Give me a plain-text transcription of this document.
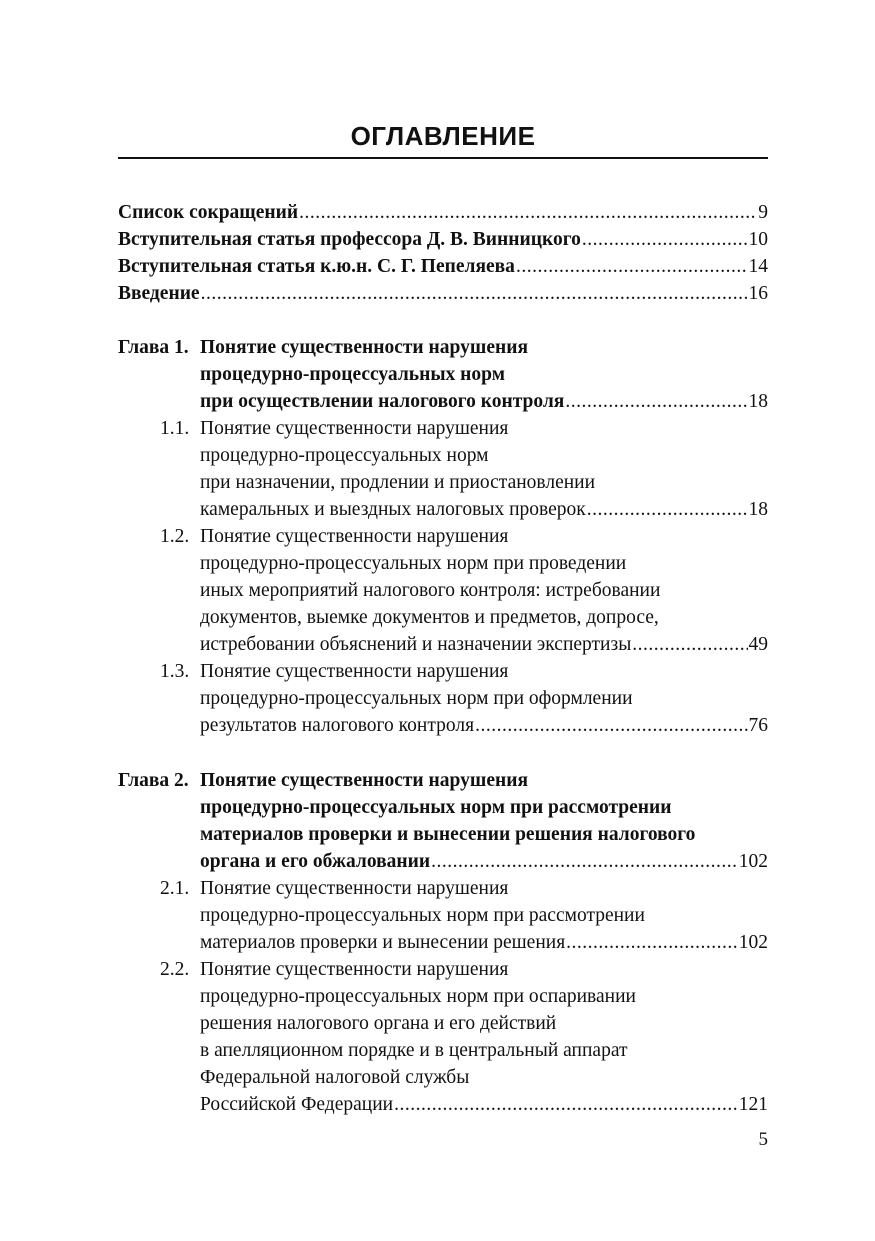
ОГЛАВЛЕНИЕ
Список сокращений .....	9
Вступительная статья профессора Д. В. Винницкого .....	10
Вступительная статья к.ю.н. С. Г. Пепеляева .....	14
Введение .....	16
Глава 1. Понятие существенности нарушения
процедурно-процессуальных норм
при осуществлении налогового контроля .....	18
1.1. Понятие существенности нарушения
процедурно-процессуальных норм
при назначении, продлении и приостановлении
камеральных и выездных налоговых проверок .....	18
1.2. Понятие существенности нарушения
процедурно-процессуальных норм при проведении
иных мероприятий налогового контроля: истребовании
документов, выемке документов и предметов, допросе,
истребовании объяснений и назначении экспертизы .....	49
1.3. Понятие существенности нарушения
процедурно-процессуальных норм при оформлении
результатов налогового контроля .....	76
Глава 2. Понятие существенности нарушения
процедурно-процессуальных норм при рассмотрении
материалов проверки и вынесении решения налогового
органа и его обжаловании .....	102
2.1. Понятие существенности нарушения
процедурно-процессуальных норм при рассмотрении
материалов проверки и вынесении решения .....	102
2.2. Понятие существенности нарушения
процедурно-процессуальных норм при оспаривании
решения налогового органа и его действий
в апелляционном порядке и в центральный аппарат
Федеральной налоговой службы
Российской Федерации .....	121
5
